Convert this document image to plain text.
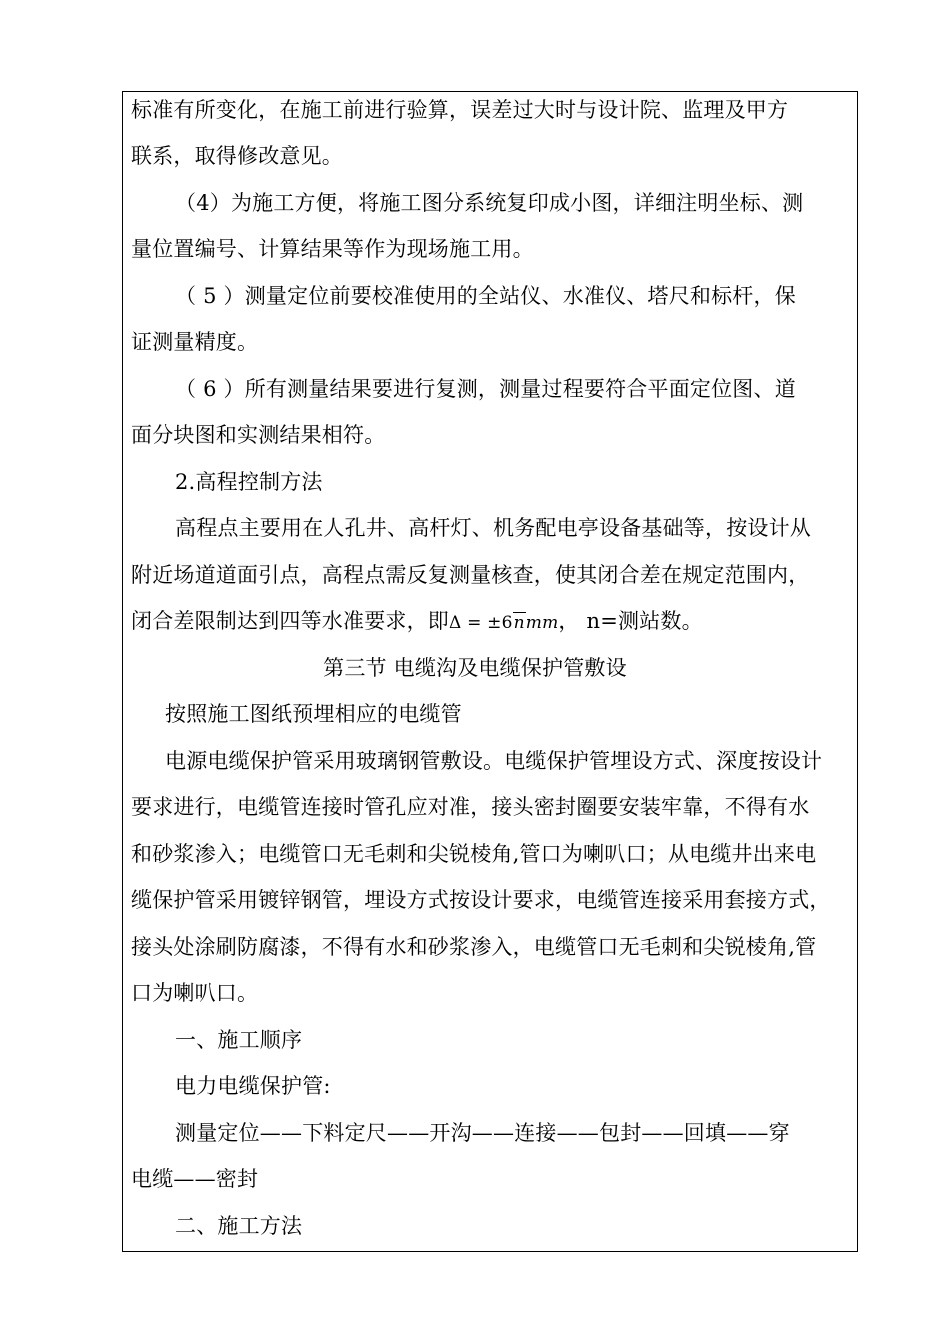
标准有所变化，在施工前进行验算，误差过大时与设计院、监理及甲方
联系，取得修改意见。
（4）为施工方便，将施工图分系统复印成小图，详细注明坐标、测
量位置编号、计算结果等作为现场施工用。
（ 5 ）测量定位前要校准使用的全站仪、水准仪、塔尺和标杆，保
证测量精度。
（ 6 ）所有测量结果要进行复测，测量过程要符合平面定位图、道
面分块图和实测结果相符。
2.高程控制方法
高程点主要用在人孔井、高杆灯、机务配电亭设备基础等，按设计从
附近场道道面引点，高程点需反复测量核查，使其闭合差在规定范围内，
闭合差限制达到四等水准要求，即Δ = ±6nmm， n=测站数。
第三节 电缆沟及电缆保护管敷设
按照施工图纸预埋相应的电缆管
电源电缆保护管采用玻璃钢管敷设。电缆保护管埋设方式、深度按设计
要求进行，电缆管连接时管孔应对准，接头密封圈要安装牢靠，不得有水
和砂浆渗入；电缆管口无毛刺和尖锐棱角,管口为喇叭口；从电缆井出来电
缆保护管采用镀锌钢管，埋设方式按设计要求，电缆管连接采用套接方式，
接头处涂刷防腐漆，不得有水和砂浆渗入，电缆管口无毛刺和尖锐棱角,管
口为喇叭口。
一、施工顺序
电力电缆保护管:
测量定位——下料定尺——开沟——连接——包封——回填——穿
电缆——密封
二、施工方法
